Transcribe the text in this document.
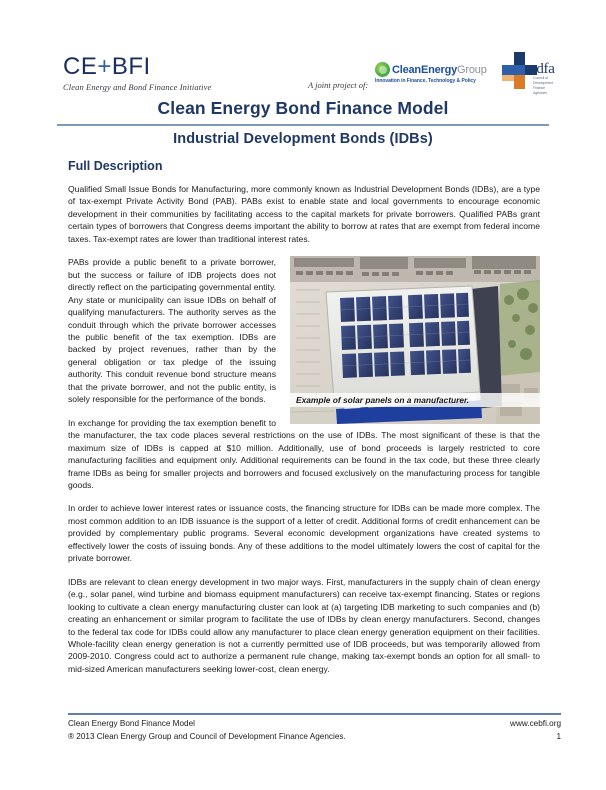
CE+BFI
Clean Energy and Bond Finance Initiative	A joint project of:
CleanEnergyGroup
Innovation in Finance, Technology & Policy
cdfa
Council of
Development
Finance
Agencies
Clean Energy Bond Finance Model
Industrial Development Bonds (IDBs)
Full Description

Qualified Small Issue Bonds for Manufacturing, more commonly known as Industrial Development Bonds (IDBs), are a type of tax-exempt Private Activity Bond (PAB). PABs exist to enable state and local governments to encourage economic development in their communities by facilitating access to the capital markets for private borrowers. Qualified PABs grant certain types of borrowers that Congress deems important the ability to borrow at rates that are exempt from federal income taxes. Tax-exempt rates are lower than traditional interest rates.

Example of solar panels on a manufacturer.

PABs provide a public benefit to a private borrower, but the success or failure of IDB projects does not directly reflect on the participating governmental entity. Any state or municipality can issue IDBs on behalf of qualifying manufacturers. The authority serves as the conduit through which the private borrower accesses the public benefit of the tax exemption. IDBs are backed by project revenues, rather than by the general obligation or tax pledge of the issuing authority. This conduit revenue bond structure means that the private borrower, and not the public entity, is solely responsible for the performance of the bonds.

In exchange for providing the tax exemption benefit to the manufacturer, the tax code places several restrictions on the use of IDBs. The most significant of these is that the maximum size of IDBs is capped at $10 million. Additionally, use of bond proceeds is largely restricted to core manufacturing facilities and equipment only. Additional requirements can be found in the tax code, but these three clearly frame IDBs as being for smaller projects and borrowers and focused exclusively on the manufacturing process for tangible goods.

In order to achieve lower interest rates or issuance costs, the financing structure for IDBs can be made more complex. The most common addition to an IDB issuance is the support of a letter of credit. Additional forms of credit enhancement can be provided by complementary public programs. Several economic development organizations have created systems to effectively lower the costs of issuing bonds. Any of these additions to the model ultimately lowers the cost of capital for the private borrower.

IDBs are relevant to clean energy development in two major ways. First, manufacturers in the supply chain of clean energy (e.g., solar panel, wind turbine and biomass equipment manufacturers) can receive tax-exempt financing. States or regions looking to cultivate a clean energy manufacturing cluster can look at (a) targeting IDB marketing to such companies and (b) creating an enhancement or similar program to facilitate the use of IDBs by clean energy manufacturers. Second, changes to the federal tax code for IDBs could allow any manufacturer to place clean energy generation equipment on their facilities. Whole-facility clean energy generation is not a currently permitted use of IDB proceeds, but was temporarily allowed from 2009-2010. Congress could act to authorize a permanent rule change, making tax-exempt bonds an option for all small- to mid-sized American manufacturers seeking lower-cost, clean energy.

Clean Energy Bond Finance Model	www.cebfi.org
® 2013 Clean Energy Group and Council of Development Finance Agencies.	1
